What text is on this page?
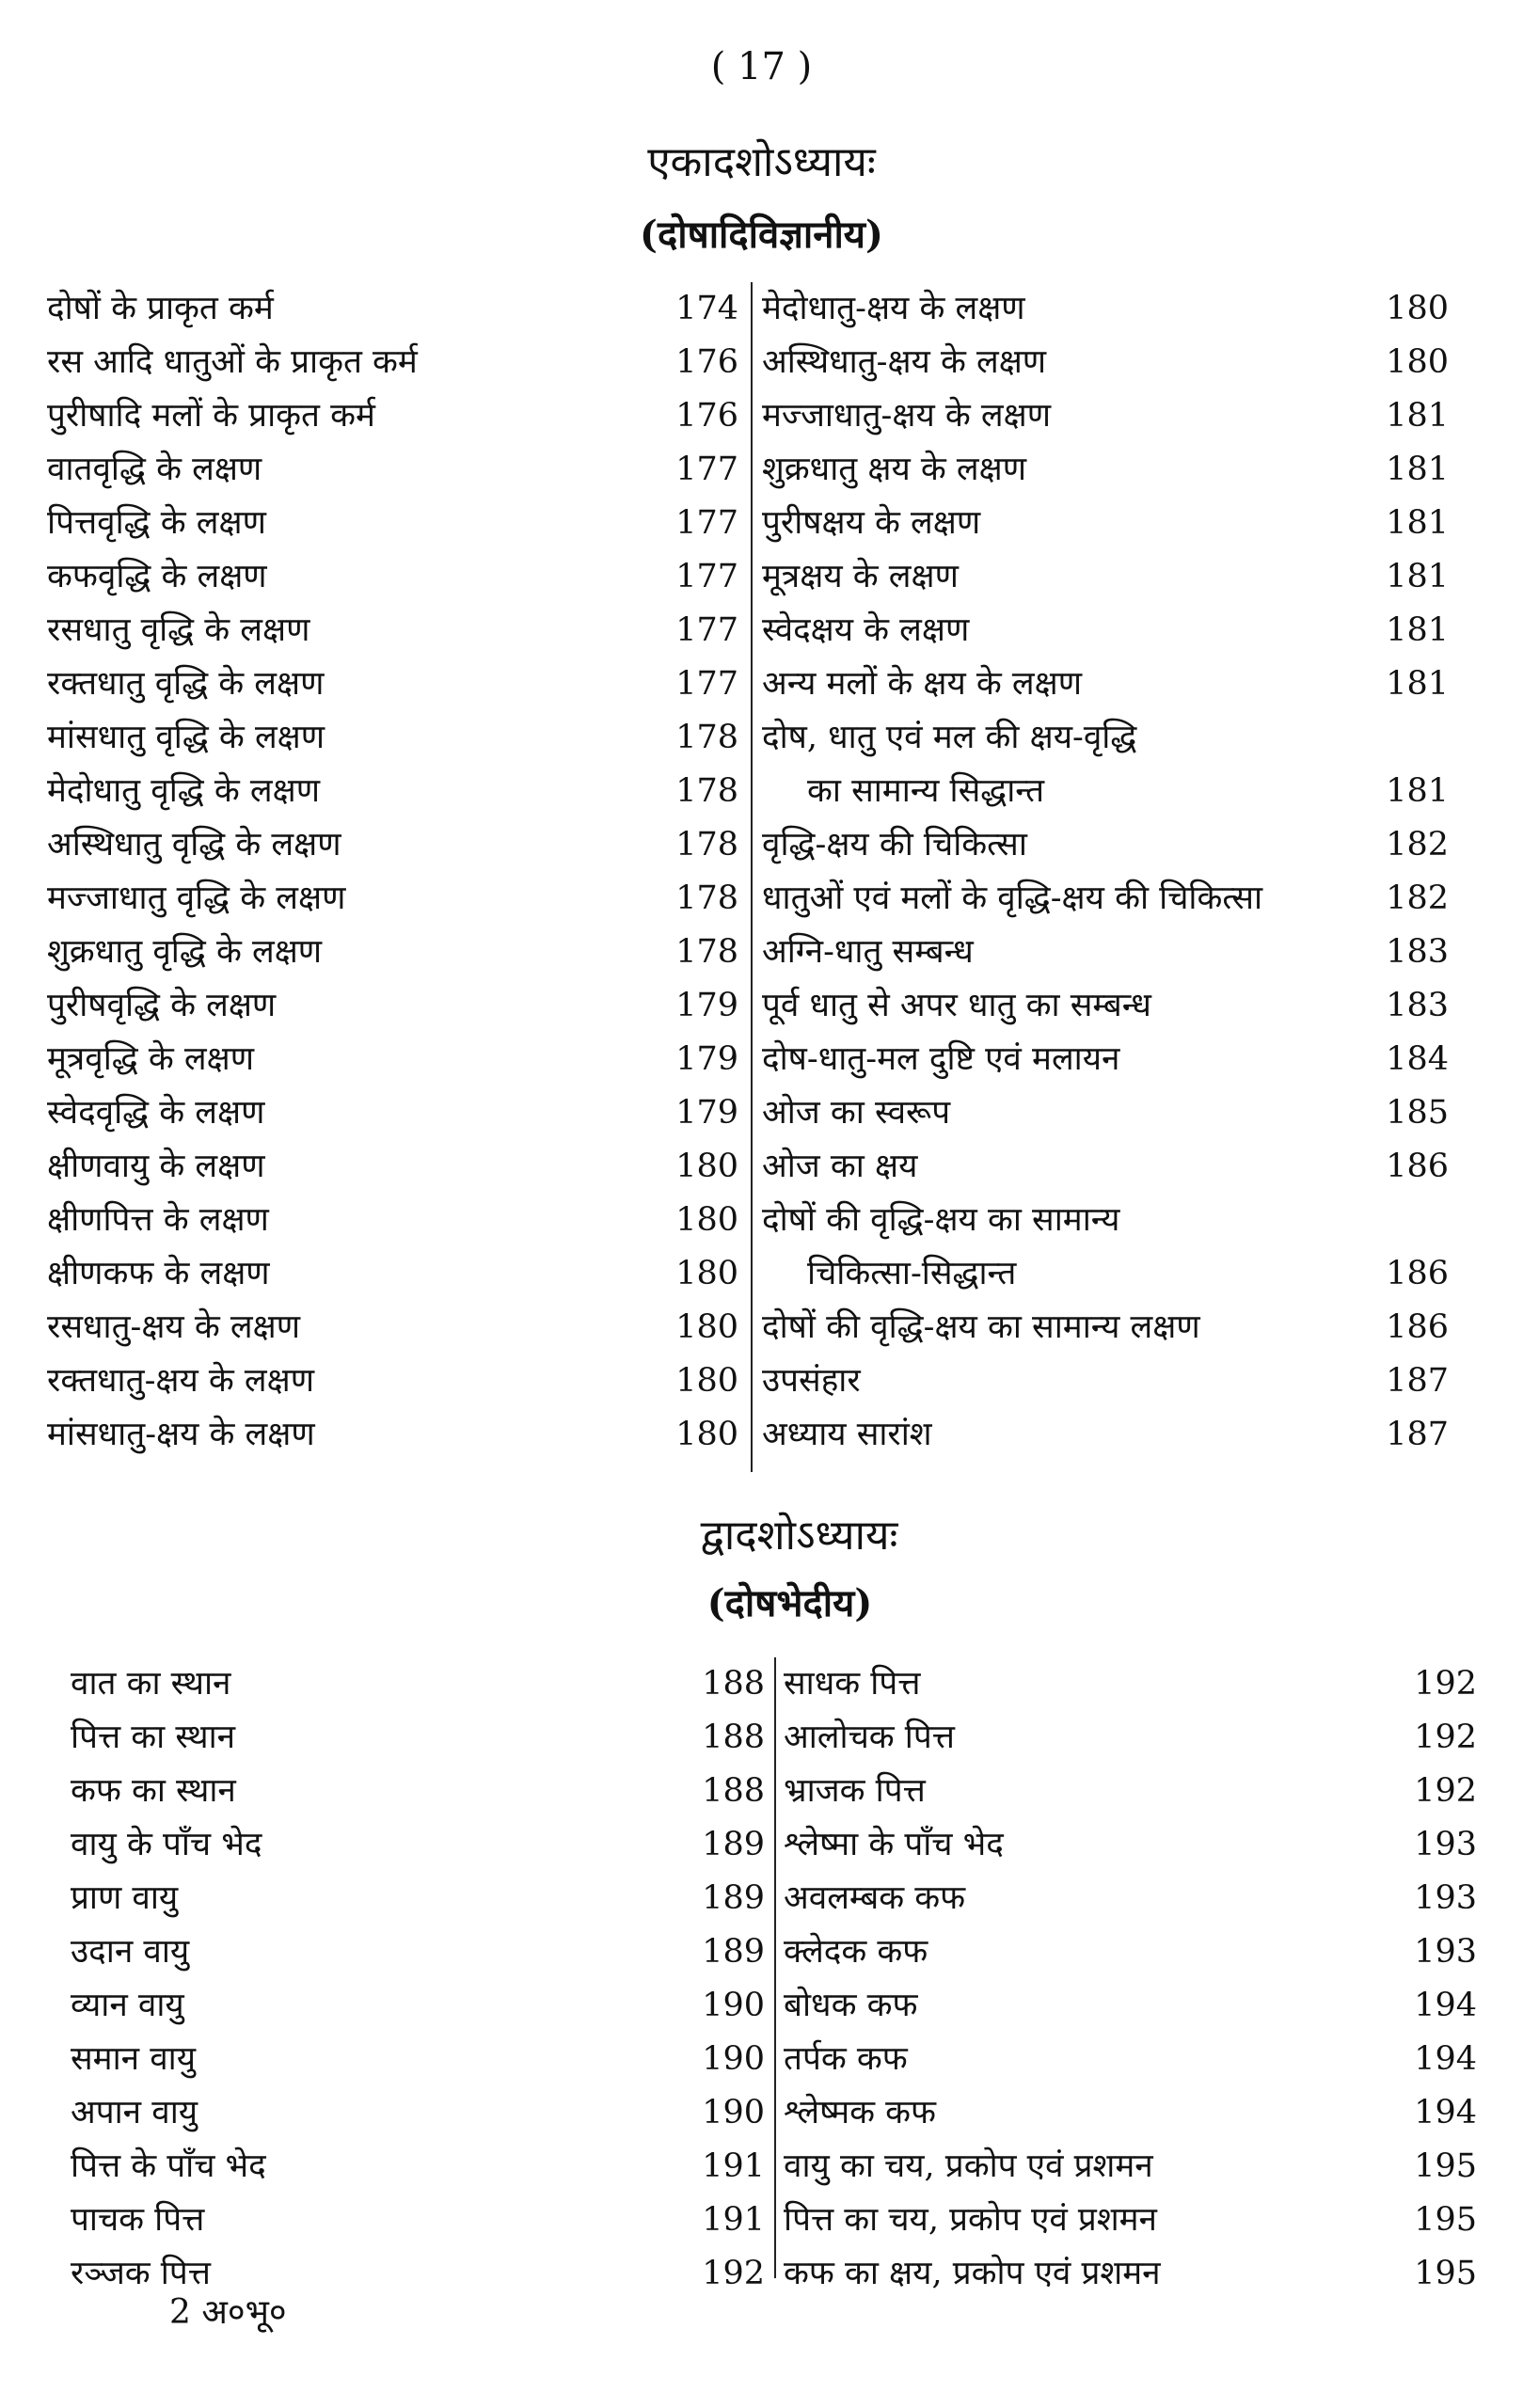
( 17 )
एकादशोऽध्यायः
(दोषादिविज्ञानीय)
दोषों के प्राकृत कर्म	174
रस आदि धातुओं के प्राकृत कर्म	176
पुरीषादि मलों के प्राकृत कर्म	176
वातवृद्धि के लक्षण	177
पित्तवृद्धि के लक्षण	177
कफवृद्धि के लक्षण	177
रसधातु वृद्धि के लक्षण	177
रक्तधातु वृद्धि के लक्षण	177
मांसधातु वृद्धि के लक्षण	178
मेदोधातु वृद्धि के लक्षण	178
अस्थिधातु वृद्धि के लक्षण	178
मज्जाधातु वृद्धि के लक्षण	178
शुक्रधातु वृद्धि के लक्षण	178
पुरीषवृद्धि के लक्षण	179
मूत्रवृद्धि के लक्षण	179
स्वेदवृद्धि के लक्षण	179
क्षीणवायु के लक्षण	180
क्षीणपित्त के लक्षण	180
क्षीणकफ के लक्षण	180
रसधातु-क्षय के लक्षण	180
रक्तधातु-क्षय के लक्षण	180
मांसधातु-क्षय के लक्षण	180
मेदोधातु-क्षय के लक्षण	180
अस्थिधातु-क्षय के लक्षण	180
मज्जाधातु-क्षय के लक्षण	181
शुक्रधातु क्षय के लक्षण	181
पुरीषक्षय के लक्षण	181
मूत्रक्षय के लक्षण	181
स्वेदक्षय के लक्षण	181
अन्य मलों के क्षय के लक्षण	181
दोष, धातु एवं मल की क्षय-वृद्धि
का सामान्य सिद्धान्त	181
वृद्धि-क्षय की चिकित्सा	182
धातुओं एवं मलों के वृद्धि-क्षय की चिकित्सा	182
अग्नि-धातु सम्बन्ध	183
पूर्व धातु से अपर धातु का सम्बन्ध	183
दोष-धातु-मल दुष्टि एवं मलायन	184
ओज का स्वरूप	185
ओज का क्षय	186
दोषों की वृद्धि-क्षय का सामान्य
चिकित्सा-सिद्धान्त	186
दोषों की वृद्धि-क्षय का सामान्य लक्षण	186
उपसंहार	187
अध्याय सारांश	187
द्वादशोऽध्यायः
(दोषभेदीय)
वात का स्थान	188
पित्त का स्थान	188
कफ का स्थान	188
वायु के पाँच भेद	189
प्राण वायु	189
उदान वायु	189
व्यान वायु	190
समान वायु	190
अपान वायु	190
पित्त के पाँच भेद	191
पाचक पित्त	191
रञ्जक पित्त	192
साधक पित्त	192
आलोचक पित्त	192
भ्राजक पित्त	192
श्लेष्मा के पाँच भेद	193
अवलम्बक कफ	193
क्लेदक कफ	193
बोधक कफ	194
तर्पक कफ	194
श्लेष्मक कफ	194
वायु का चय, प्रकोप एवं प्रशमन	195
पित्त का चय, प्रकोप एवं प्रशमन	195
कफ का क्षय, प्रकोप एवं प्रशमन	195
2 अ०भू०
